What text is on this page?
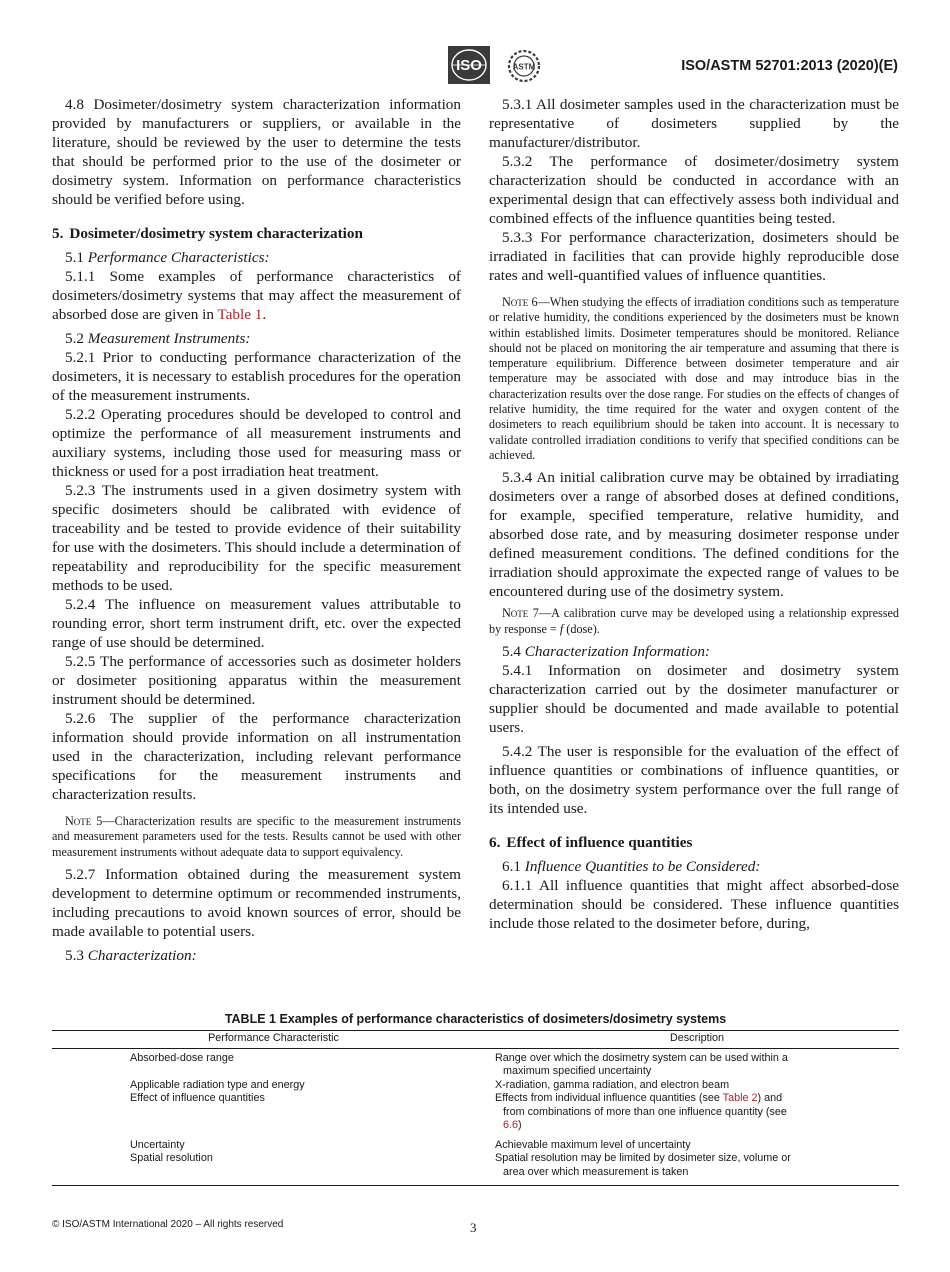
ISO	ASTM	ISO/ASTM 52701:2013 (2020)(E)

4.8 Dosimeter/dosimetry system characterization information provided by manufacturers or suppliers, or available in the literature, should be reviewed by the user to determine the tests that should be performed prior to the use of the dosimeter or dosimetry system. Information on performance characteristics should be verified before using.

5. Dosimeter/dosimetry system characterization

5.1 Performance Characteristics:

5.1.1 Some examples of performance characteristics of dosimeters/dosimetry systems that may affect the measurement of absorbed dose are given in Table 1.

5.2 Measurement Instruments:

5.2.1 Prior to conducting performance characterization of the dosimeters, it is necessary to establish procedures for the operation of the measurement instruments.

5.2.2 Operating procedures should be developed to control and optimize the performance of all measurement instruments and auxiliary systems, including those used for measuring mass or thickness or used for a post irradiation heat treatment.

5.2.3 The instruments used in a given dosimetry system with specific dosimeters should be calibrated with evidence of traceability and be tested to provide evidence of their suitability for use with the dosimeters. This should include a determination of repeatability and reproducibility for the specific measurement methods to be used.

5.2.4 The influence on measurement values attributable to rounding error, short term instrument drift, etc. over the expected range of use should be determined.

5.2.5 The performance of accessories such as dosimeter holders or dosimeter positioning apparatus within the measurement instrument should be determined.

5.2.6 The supplier of the performance characterization information should provide information on all instrumentation used in the characterization, including relevant performance specifications for the measurement instruments and characterization results.

Note 5—Characterization results are specific to the measurement instruments and measurement parameters used for the tests. Results cannot be used with other measurement instruments without adequate data to support equivalency.

5.2.7 Information obtained during the measurement system development to determine optimum or recommended instruments, including precautions to avoid known sources of error, should be made available to potential users.

5.3 Characterization:

5.3.1 All dosimeter samples used in the characterization must be representative of dosimeters supplied by the manufacturer/distributor.

5.3.2 The performance of dosimeter/dosimetry system characterization should be conducted in accordance with an experimental design that can effectively assess both individual and combined effects of the influence quantities being tested.

5.3.3 For performance characterization, dosimeters should be irradiated in facilities that can provide highly reproducible dose rates and well-quantified values of influence quantities.

Note 6—When studying the effects of irradiation conditions such as temperature or relative humidity, the conditions experienced by the dosimeters must be known within established limits. Dosimeter temperatures should be monitored. Reliance should not be placed on monitoring the air temperature and assuming that there is temperature equilibrium. Difference between dosimeter temperature and air temperature may be associated with dose and may introduce bias in the characterization results over the dose range. For studies on the effects of changes of relative humidity, the time required for the water and oxygen content of the dosimeters to reach equilibrium should be taken into account. It is necessary to validate controlled irradiation conditions to verify that specified conditions can be achieved.

5.3.4 An initial calibration curve may be obtained by irradiating dosimeters over a range of absorbed doses at defined conditions, for example, specified temperature, relative humidity, and absorbed dose rate, and by measuring dosimeter response under defined measurement conditions. The defined conditions for the irradiation should approximate the expected range of values to be encountered during use of the dosimetry system.

Note 7—A calibration curve may be developed using a relationship expressed by response = f (dose).

5.4 Characterization Information:

5.4.1 Information on dosimeter and dosimetry system characterization carried out by the dosimeter manufacturer or supplier should be documented and made available to potential users.

5.4.2 The user is responsible for the evaluation of the effect of influence quantities or combinations of influence quantities, or both, on the dosimetry system performance over the full range of its intended use.

6. Effect of influence quantities

6.1 Influence Quantities to be Considered:

6.1.1 All influence quantities that might affect absorbed-dose determination should be considered. These influence quantities include those related to the dosimeter before, during,

TABLE 1 Examples of performance characteristics of dosimeters/dosimetry systems
Performance Characteristic	Description
Absorbed-dose range	Range over which the dosimetry system can be used within a
maximum specified uncertainty

Applicable radiation type and energy	X-radiation, gamma radiation, and electron beam
Effect of influence quantities	Effects from individual influence quantities (see Table 2) and
from combinations of more than one influence quantity (see
6.6)

Uncertainty	Achievable maximum level of uncertainty
Spatial resolution	Spatial resolution may be limited by dosimeter size, volume or
area over which measurement is taken
© ISO/ASTM International 2020 – All rights reserved	3
